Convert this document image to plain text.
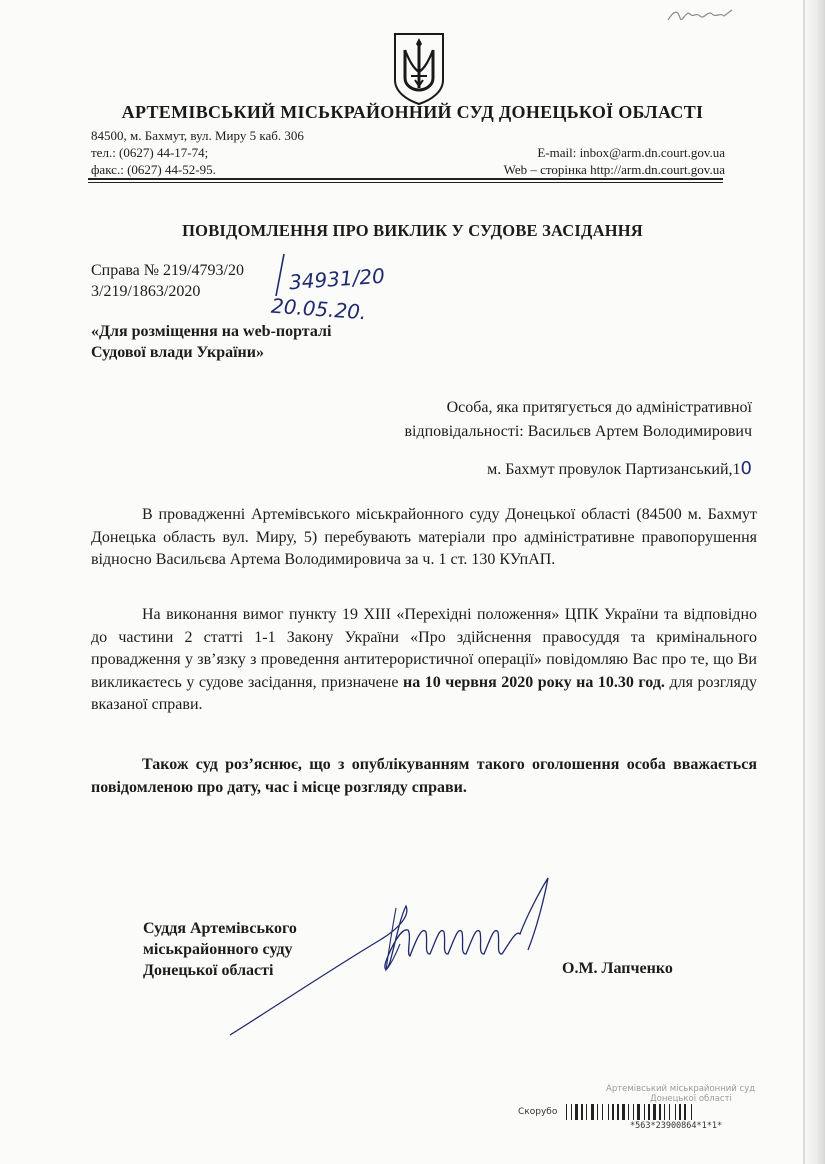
АРТЕМІВСЬКИЙ МІСЬКРАЙОННИЙ СУД ДОНЕЦЬКОЇ ОБЛАСТІ
84500, м. Бахмут, вул. Миру 5 каб. 306
тел.: (0627) 44-17-74;
факс.: (0627) 44-52-95.
E-mail: inbox@arm.dn.court.gov.ua
Web – сторінка http://arm.dn.court.gov.ua
ПОВІДОМЛЕННЯ ПРО ВИКЛИК У СУДОВЕ ЗАСІДАННЯ
Справа № 219/4793/20
3/219/1863/2020	34931/20
20.05.20.
«Для розміщення на web-порталі
Судової влади України»
Особа, яка притягується до адміністративної
відповідальності: Васильєв Артем Володимирович
м. Бахмут провулок Партизанський,10
В провадженні Артемівського міськрайонного суду Донецької області (84500 м. Бахмут Донецька область вул. Миру, 5) перебувають матеріали про адміністративне правопорушення відносно Васильєва Артема Володимировича за ч. 1 ст. 130 КУпАП.
На виконання вимог пункту 19 XIII «Перехідні положення» ЦПК України та відповідно до частини 2 статті 1-1 Закону України «Про здійснення правосуддя та кримінального провадження у зв’язку з проведення антитерористичної операції» повідомляю Вас про те, що Ви викликаєтесь у судове засідання, призначене на 10 червня 2020 року на 10.30 год. для розгляду вказаної справи.
Також суд роз’яснює, що з опублікуванням такого оголошення особа вважається повідомленою про дату, час і місце розгляду справи.
Суддя Артемівського
міськрайонного суду
Донецької області	О.М. Лапченко
Артемівський міськрайонний суд
Донецької області
Скорубо
*563*23900864*1*1*
